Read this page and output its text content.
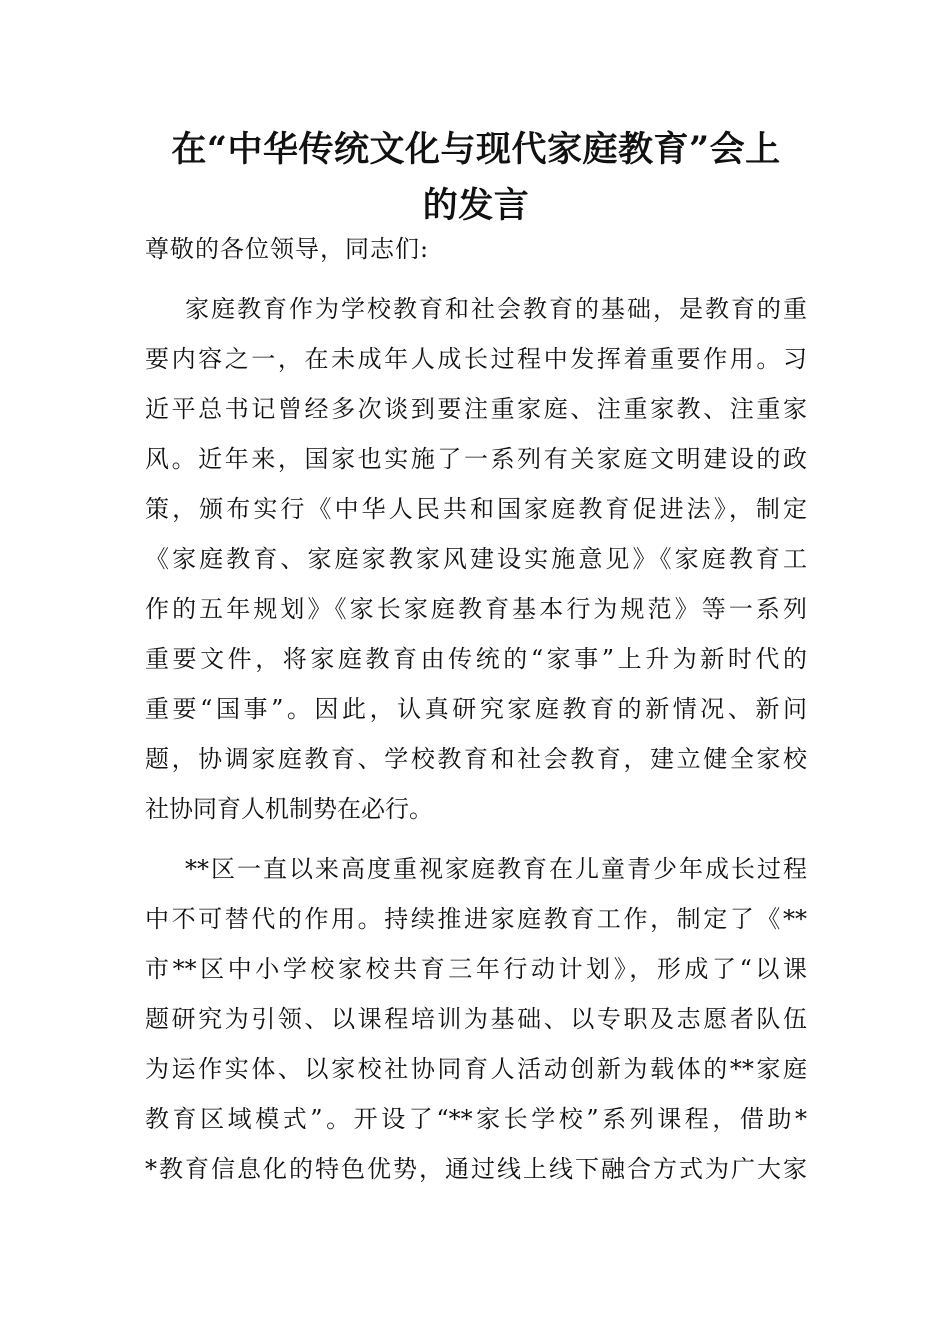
在“中华传统文化与现代家庭教育”会上
的发言
尊敬的各位领导，同志们:
家庭教育作为学校教育和社会教育的基础，是教育的重
要内容之一，在未成年人成长过程中发挥着重要作用。习
近平总书记曾经多次谈到要注重家庭、注重家教、注重家
风。近年来，国家也实施了一系列有关家庭文明建设的政
策，颁布实行《中华人民共和国家庭教育促进法》，制定
《家庭教育、家庭家教家风建设实施意见》《家庭教育工
作的五年规划》《家长家庭教育基本行为规范》等一系列
重要文件，将家庭教育由传统的“家事”上升为新时代的
重要“国事”。因此，认真研究家庭教育的新情况、新问
题，协调家庭教育、学校教育和社会教育，建立健全家校
社协同育人机制势在必行。
**区一直以来高度重视家庭教育在儿童青少年成长过程
中不可替代的作用。持续推进家庭教育工作，制定了《**
市**区中小学校家校共育三年行动计划》，形成了“以课
题研究为引领、以课程培训为基础、以专职及志愿者队伍
为运作实体、以家校社协同育人活动创新为载体的**家庭
教育区域模式”。开设了“**家长学校”系列课程，借助*
*教育信息化的特色优势，通过线上线下融合方式为广大家
